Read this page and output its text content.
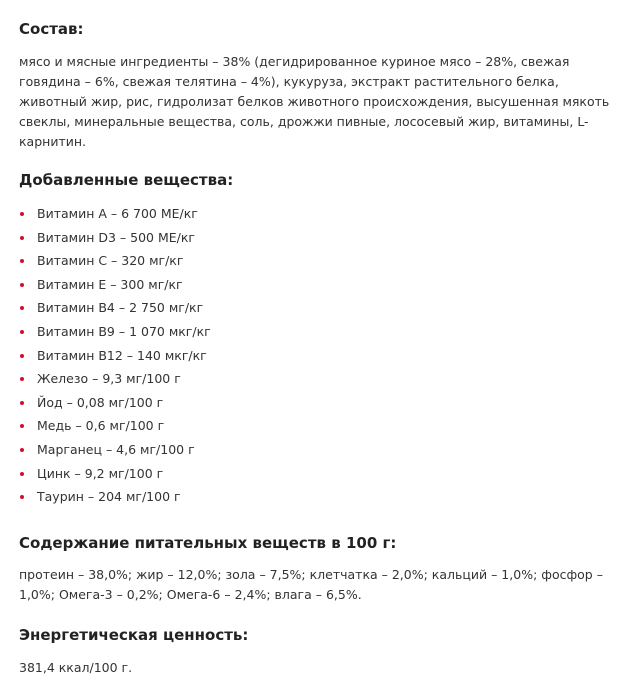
Состав:

мясо и мясные ингредиенты – 38% (дегидрированное куриное мясо – 28%, свежая говядина – 6%, свежая телятина – 4%), кукуруза, экстракт растительного белка, животный жир, рис, гидролизат белков животного происхождения, высушенная мякоть свеклы, минеральные вещества, соль, дрожжи пивные, лососевый жир, витамины, L-карнитин.

Добавленные вещества:
Витамин А – 6 700 МЕ/кг
Витамин D3 – 500 МЕ/кг
Витамин С – 320 мг/кг
Витамин Е – 300 мг/кг
Витамин В4 – 2 750 мг/кг
Витамин В9 – 1 070 мкг/кг
Витамин В12 – 140 мкг/кг
Железо – 9,3 мг/100 г
Йод – 0,08 мг/100 г
Медь – 0,6 мг/100 г
Марганец – 4,6 мг/100 г
Цинк – 9,2 мг/100 г
Таурин – 204 мг/100 г
Содержание питательных веществ в 100 г:

протеин – 38,0%; жир – 12,0%; зола – 7,5%; клетчатка – 2,0%; кальций – 1,0%; фосфор – 1,0%; Омега-3 – 0,2%; Омега-6 – 2,4%; влага – 6,5%.

Энергетическая ценность:

381,4 ккал/100 г.
